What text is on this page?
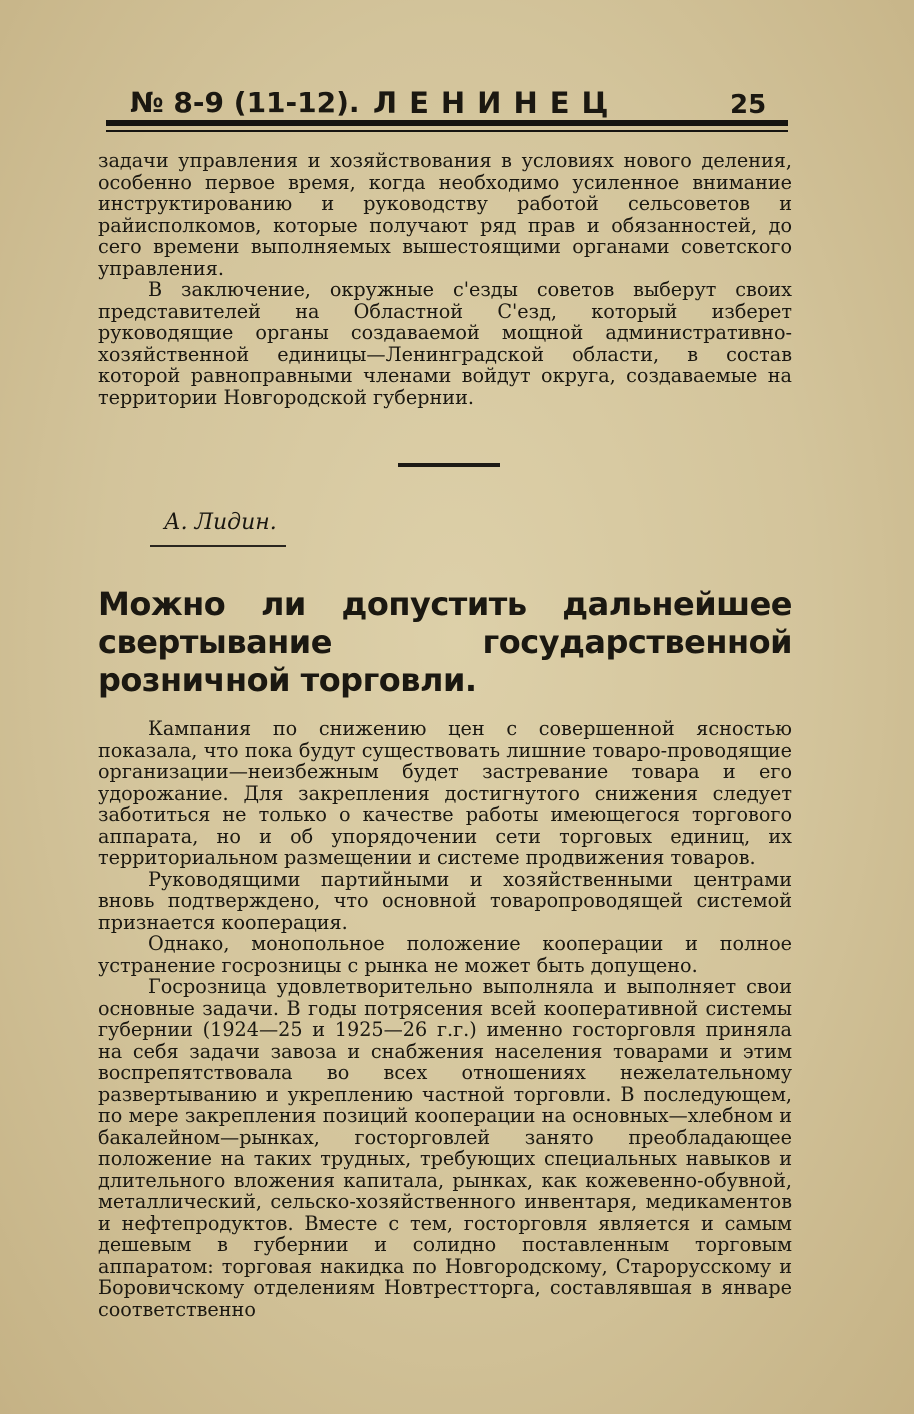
№ 8-9 (11-12). ЛЕНИНЕЦ	25

задачи управления и хозяйствования в условиях нового деления, особенно первое время, когда необходимо усиленное внимание инструктированию и руководству работой сельсоветов и райисполкомов, которые получают ряд прав и обязанностей, до сего времени выполняемых вышестоящими органами советского управления.

В заключение, окружные с'езды советов выберут своих представителей на Областной С'езд, который изберет руководящие органы создаваемой мощной административно-хозяйственной единицы—Ленинградской области, в состав которой равноправными членами войдут округа, создаваемые на территории Новгородской губернии.

А. Лидин.
Можно ли допустить дальнейшее свертывание государственной розничной торговли.

Кампания по снижению цен с совершенной ясностью показала, что пока будут существовать лишние товаро-проводящие организации—неизбежным будет застревание товара и его удорожание. Для закрепления достигнутого снижения следует заботиться не только о качестве работы имеющегося торгового аппарата, но и об упорядочении сети торговых единиц, их территориальном размещении и системе продвижения товаров.

Руководящими партийными и хозяйственными центрами вновь подтверждено, что основной товаропроводящей системой признается кооперация.

Однако, монопольное положение кооперации и полное устранение госрозницы с рынка не может быть допущено.

Госрозница удовлетворительно выполняла и выполняет свои основные задачи. В годы потрясения всей кооперативной системы губернии (1924—25 и 1925—26 г.г.) именно госторговля приняла на себя задачи завоза и снабжения населения товарами и этим воспрепятствовала во всех отношениях нежелательному развертыванию и укреплению частной торговли. В последующем, по мере закрепления позиций кооперации на основных—хлебном и бакалейном—рынках, госторговлей занято преобладающее положение на таких трудных, требующих специальных навыков и длительного вложения капитала, рынках, как кожевенно-обувной, металлический, сельско-хозяйственного инвентаря, медикаментов и нефтепродуктов. Вместе с тем, госторговля является и самым дешевым в губернии и солидно поставленным торговым аппаратом: торговая накидка по Новгородскому, Старорусскому и Боровичскому отделениям Новтрестторга, составлявшая в январе соответственно
